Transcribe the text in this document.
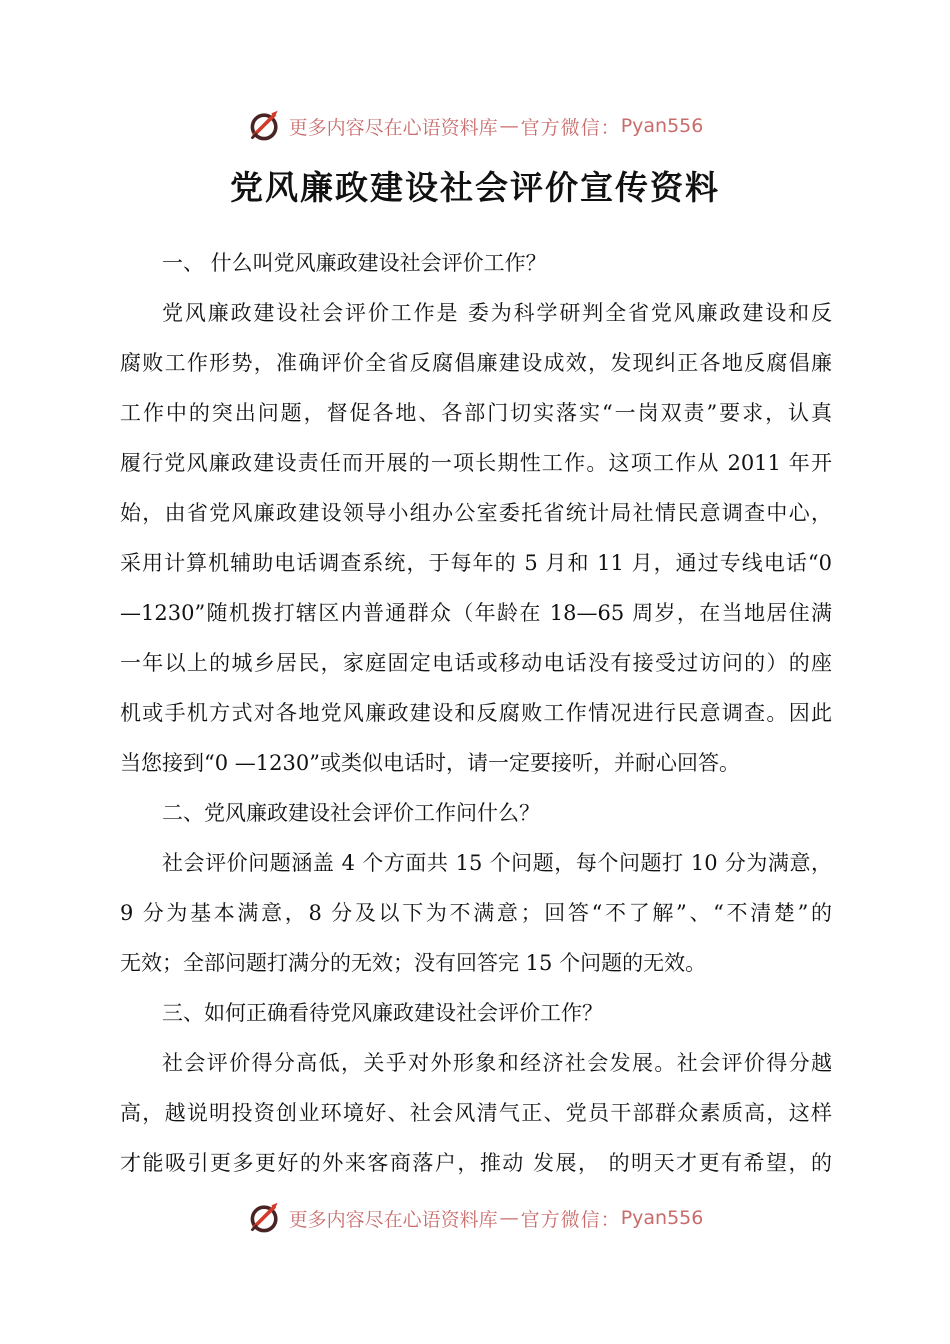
更多内容尽在心语资料库 — 官方微信： Pyan556
党风廉政建设社会评价宣传资料
一、 什么叫党风廉政建设社会评价工作？
党风廉政建设社会评价工作是 委为科学研判全省党风廉政建设和反
腐败工作形势，准确评价全省反腐倡廉建设成效，发现纠正各地反腐倡廉
工作中的突出问题，督促各地、各部门切实落实“一岗双责”要求，认真
履行党风廉政建设责任而开展的一项长期性工作。这项工作从 2011 年开
始，由省党风廉政建设领导小组办公室委托省统计局社情民意调查中心，
采用计算机辅助电话调查系统，于每年的 5 月和 11 月，通过专线电话“0
—1230”随机拨打辖区内普通群众（年龄在 18—65 周岁，在当地居住满
一年以上的城乡居民，家庭固定电话或移动电话没有接受过访问的）的座
机或手机方式对各地党风廉政建设和反腐败工作情况进行民意调查。因此
当您接到“0 —1230”或类似电话时，请一定要接听，并耐心回答。
二、党风廉政建设社会评价工作问什么？
社会评价问题涵盖 4 个方面共 15 个问题，每个问题打 10 分为满意，
9 分为基本满意，8 分及以下为不满意；回答“不了解”、“不清楚”的
无效；全部问题打满分的无效；没有回答完 15 个问题的无效。
三、如何正确看待党风廉政建设社会评价工作？
社会评价得分高低，关乎对外形象和经济社会发展。社会评价得分越
高，越说明投资创业环境好、社会风清气正、党员干部群众素质高，这样
才能吸引更多更好的外来客商落户，推动 发展， 的明天才更有希望，的
更多内容尽在心语资料库 — 官方微信： Pyan556
